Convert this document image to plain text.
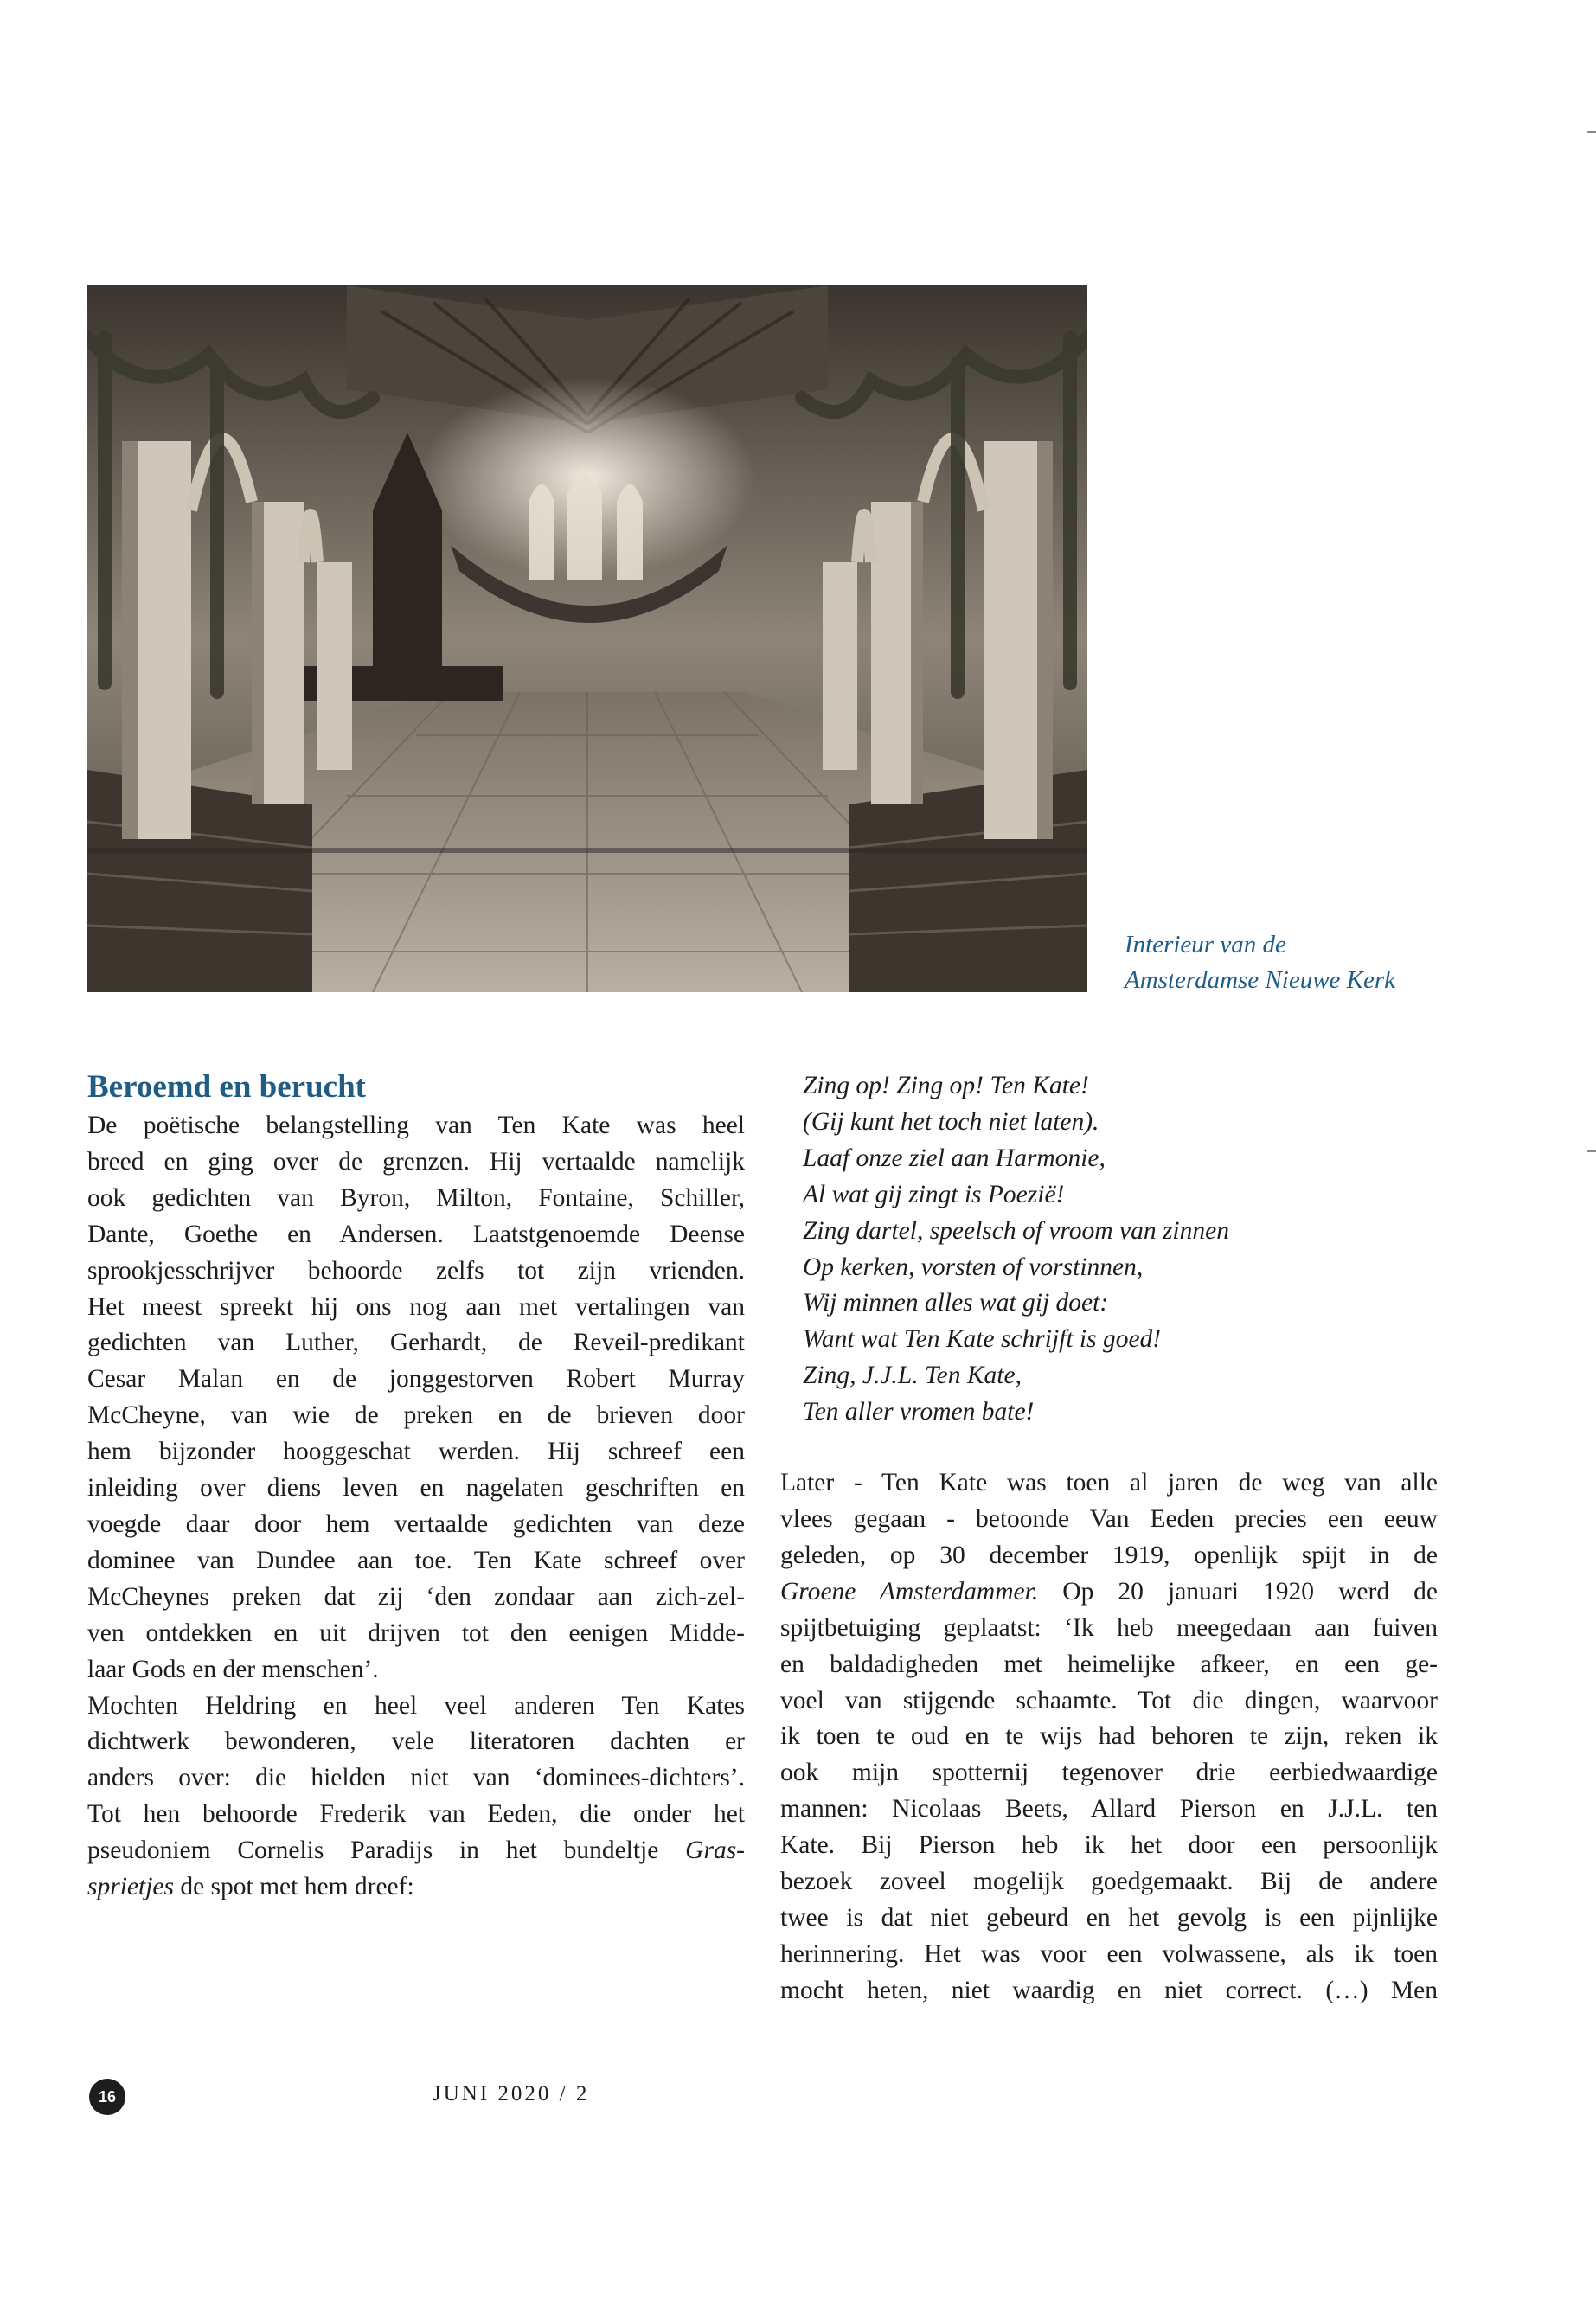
Interieur van de
Amsterdamse Nieuwe Kerk
Beroemd en berucht
De poëtische belangstelling van Ten Kate was heel
breed en ging over de grenzen. Hij vertaalde namelijk
ook gedichten van Byron, Milton, Fontaine, Schiller,
Dante, Goethe en Andersen. Laatstgenoemde Deense
sprookjesschrijver behoorde zelfs tot zijn vrienden.
Het meest spreekt hij ons nog aan met vertalingen van
gedichten van Luther, Gerhardt, de Reveil-predikant
Cesar Malan en de jonggestorven Robert Murray
McCheyne, van wie de preken en de brieven door
hem bijzonder hooggeschat werden. Hij schreef een
inleiding over diens leven en nagelaten geschriften en
voegde daar door hem vertaalde gedichten van deze
dominee van Dundee aan toe. Ten Kate schreef over
McCheynes preken dat zij ‘den zondaar aan zich-zel-
ven ontdekken en uit drijven tot den eenigen Midde-
laar Gods en der menschen’.
Mochten Heldring en heel veel anderen Ten Kates
dichtwerk bewonderen, vele literatoren dachten er
anders over: die hielden niet van ‘dominees-dichters’.
Tot hen behoorde Frederik van Eeden, die onder het
pseudoniem Cornelis Paradijs in het bundeltje Gras-
sprietjes de spot met hem dreef:
Zing op! Zing op! Ten Kate!
(Gij kunt het toch niet laten).
Laaf onze ziel aan Harmonie,
Al wat gij zingt is Poezië!
Zing dartel, speelsch of vroom van zinnen
Op kerken, vorsten of vorstinnen,
Wij minnen alles wat gij doet:
Want wat Ten Kate schrijft is goed!
Zing, J.J.L. Ten Kate,
Ten aller vromen bate!
Later - Ten Kate was toen al jaren de weg van alle
vlees gegaan - betoonde Van Eeden precies een eeuw
geleden, op 30 december 1919, openlijk spijt in de
Groene Amsterdammer. Op 20 januari 1920 werd de
spijtbetuiging geplaatst: ‘Ik heb meegedaan aan fuiven
en baldadigheden met heimelijke afkeer, en een ge-
voel van stijgende schaamte. Tot die dingen, waarvoor
ik toen te oud en te wijs had behoren te zijn, reken ik
ook mijn spotternij tegenover drie eerbiedwaardige
mannen: Nicolaas Beets, Allard Pierson en J.J.L. ten
Kate. Bij Pierson heb ik het door een persoonlijk
bezoek zoveel mogelijk goedgemaakt. Bij de andere
twee is dat niet gebeurd en het gevolg is een pijnlijke
herinnering. Het was voor een volwassene, als ik toen
mocht heten, niet waardig en niet correct. (…) Men
16	JUNI 2020 / 2
